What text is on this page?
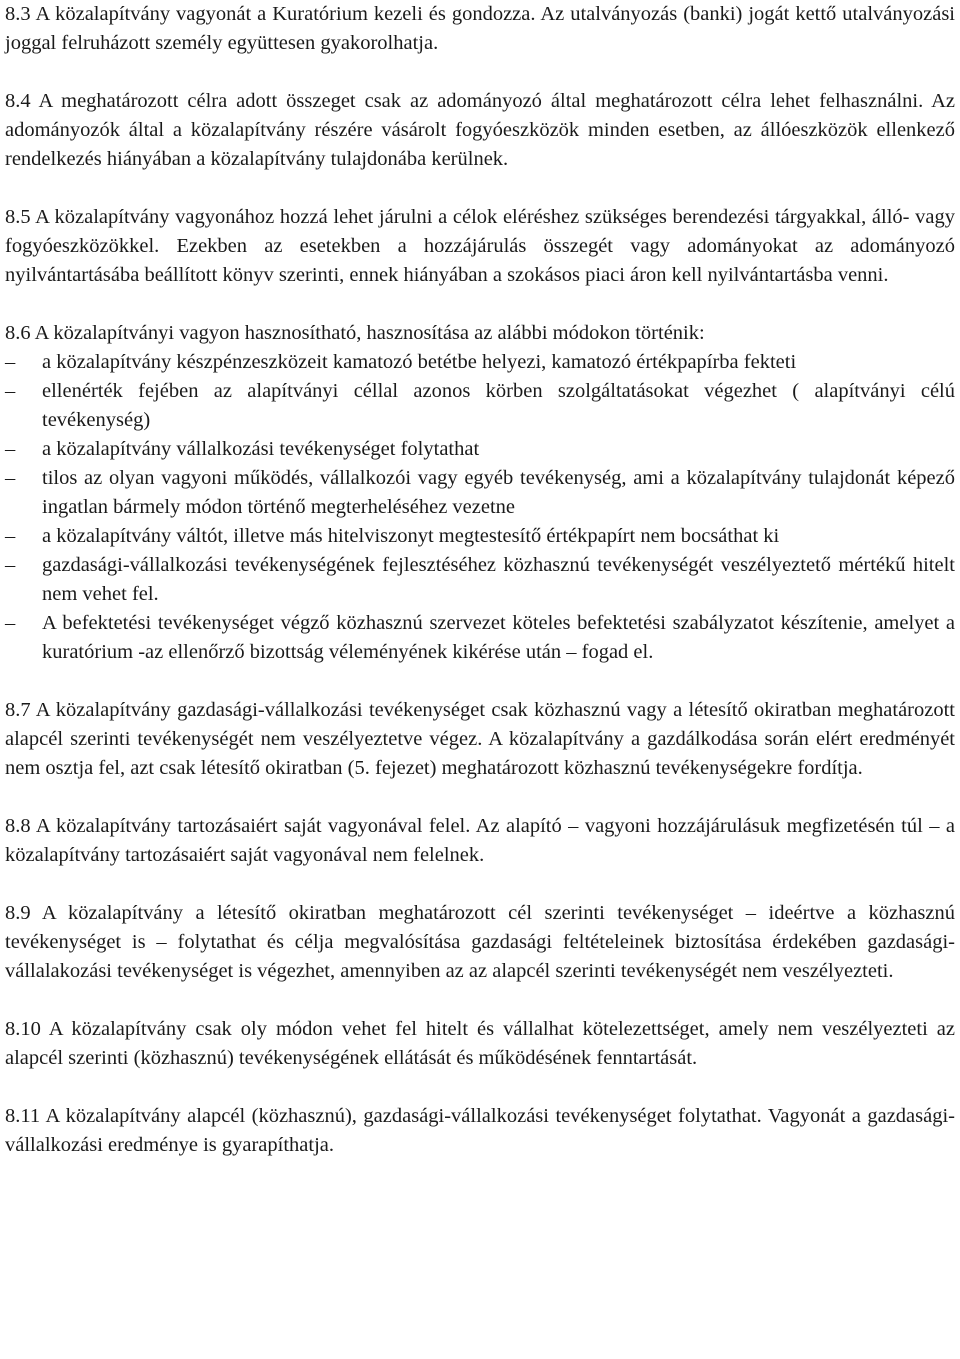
8.3 A közalapítvány vagyonát a Kuratórium kezeli és gondozza. Az utalványozás (banki) jogát kettő utalványozási joggal felruházott személy együttesen gyakorolhatja.

8.4 A meghatározott célra adott összeget csak az adományozó által meghatározott célra lehet felhasználni. Az adományozók által a közalapítvány részére vásárolt fogyóeszközök minden esetben, az állóeszközök ellenkező rendelkezés hiányában a közalapítvány tulajdonába kerülnek.

8.5 A közalapítvány vagyonához hozzá lehet járulni a célok eléréshez szükséges berendezési tárgyakkal, álló- vagy fogyóeszközökkel. Ezekben az esetekben a hozzájárulás összegét vagy adományokat az adományozó nyilvántartásába beállított könyv szerinti, ennek hiányában a szokásos piaci áron kell nyilvántartásba venni.

8.6 A közalapítványi vagyon hasznosítható, hasznosítása az alábbi módokon történik:

–	a közalapítvány készpénzeszközeit kamatozó betétbe helyezi, kamatozó értékpapírba fekteti
–	ellenérték fejében az alapítványi céllal azonos körben szolgáltatásokat végezhet ( alapítványi célú tevékenység)
–	a közalapítvány vállalkozási tevékenységet folytathat
–	tilos az olyan vagyoni működés, vállalkozói vagy egyéb tevékenység, ami a közalapítvány tulajdonát képező ingatlan bármely módon történő megterheléséhez vezetne
–	a közalapítvány váltót, illetve más hitelviszonyt megtestesítő értékpapírt nem bocsáthat ki
–	gazdasági-vállalkozási tevékenységének fejlesztéséhez közhasznú tevékenységét veszélyeztető mértékű hitelt nem vehet fel.
–	A befektetési tevékenységet végző közhasznú szervezet köteles befektetési szabályzatot készítenie, amelyet a kuratórium -az ellenőrző bizottság véleményének kikérése után – fogad el.

8.7 A közalapítvány gazdasági-vállalkozási tevékenységet csak közhasznú vagy a létesítő okiratban meghatározott alapcél szerinti tevékenységét nem veszélyeztetve végez. A közalapítvány a gazdálkodása során elért eredményét nem osztja fel, azt csak létesítő okiratban (5. fejezet) meghatározott közhasznú tevékenységekre fordítja.

8.8 A közalapítvány tartozásaiért saját vagyonával felel. Az alapító – vagyoni hozzájárulásuk megfizetésén túl – a közalapítvány tartozásaiért saját vagyonával nem felelnek.

8.9 A közalapítvány a létesítő okiratban meghatározott cél szerinti tevékenységet – ideértve a közhasznú tevékenységet is – folytathat és célja megvalósítása gazdasági feltételeinek biztosítása érdekében gazdasági-vállalakozási tevékenységet is végezhet, amennyiben az az alapcél szerinti tevékenységét nem veszélyezteti.

8.10 A közalapítvány csak oly módon vehet fel hitelt és vállalhat kötelezettséget, amely nem veszélyezteti az alapcél szerinti (közhasznú) tevékenységének ellátását és működésének fenntartását.

8.11 A közalapítvány alapcél (közhasznú), gazdasági-vállalkozási tevékenységet folytathat. Vagyonát a gazdasági-vállalkozási eredménye is gyarapíthatja.
